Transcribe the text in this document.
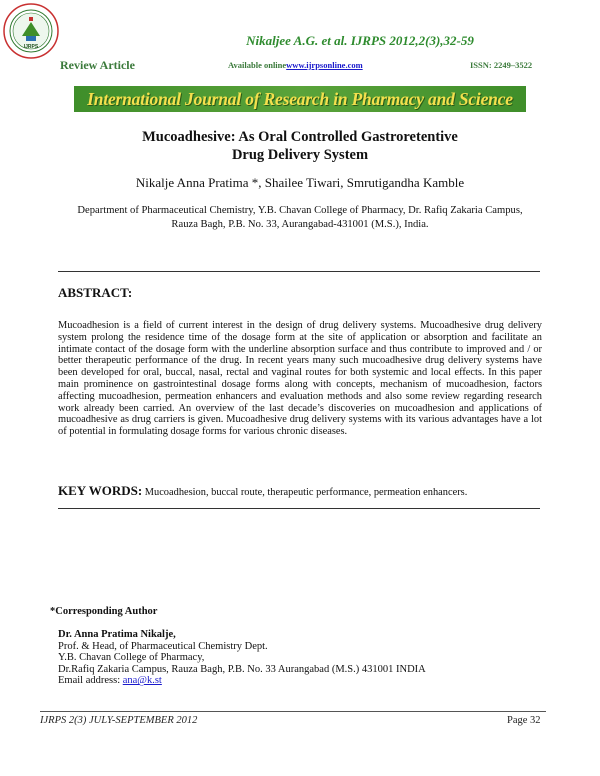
IJRPS	Nikaljee A.G. et al. IJRPS 2012,2(3),32-59
Review Article	Available onlinewww.ijrpsonline.com	ISSN: 2249–3522
International Journal of Research in Pharmacy and Science
Mucoadhesive: As Oral Controlled Gastroretentive
Drug Delivery System
Nikalje Anna Pratima *, Shailee Tiwari, Smrutigandha Kamble
Department of Pharmaceutical Chemistry, Y.B. Chavan College of Pharmacy, Dr. Rafiq Zakaria Campus, Rauza Bagh, P.B. No. 33, Aurangabad-431001 (M.S.), India.
ABSTRACT:
Mucoadhesion is a field of current interest in the design of drug delivery systems. Mucoadhesive drug delivery system prolong the residence time of the dosage form at the site of application or absorption and facilitate an intimate contact of the dosage form with the underline absorption surface and thus contribute to improved and / or better therapeutic performance of the drug. In recent years many such mucoadhesive drug delivery systems have been developed for oral, buccal, nasal, rectal and vaginal routes for both systemic and local effects. In this paper main prominence on gastrointestinal dosage forms along with concepts, mechanism of mucoadhesion, factors affecting mucoadhesion, permeation enhancers and evaluation methods and also some review regarding research work already been carried. An overview of the last decade’s discoveries on mucoadhesion and applications of mucoadhesive as drug carriers is given. Mucoadhesive drug delivery systems with its various advantages have a lot of potential in formulating dosage forms for various chronic diseases.
KEY WORDS: Mucoadhesion, buccal route, therapeutic performance, permeation enhancers.
*Corresponding Author
Dr. Anna Pratima Nikalje,
Prof. & Head, of Pharmaceutical Chemistry Dept.
Y.B. Chavan College of Pharmacy,
Dr.Rafiq Zakaria Campus, Rauza Bagh, P.B. No. 33 Aurangabad (M.S.) 431001 INDIA
Email address: ana@k.st
IJRPS 2(3) JULY-SEPTEMBER 2012	Page 32
